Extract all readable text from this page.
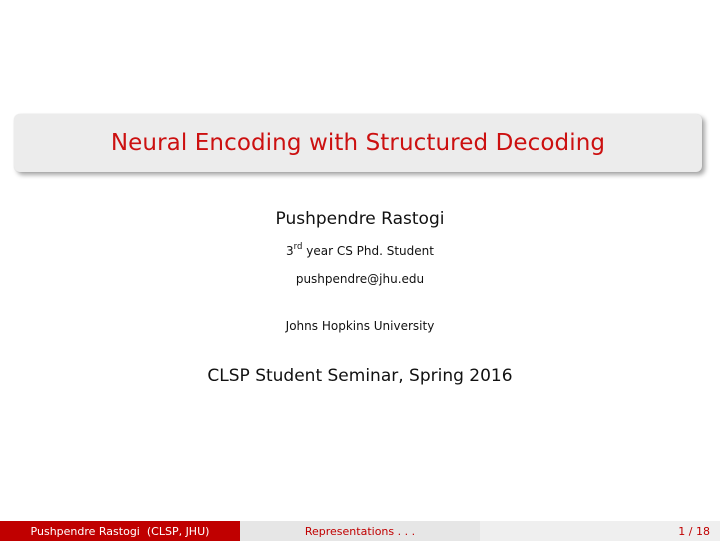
Neural Encoding with Structured Decoding
Pushpendre Rastogi
3rd year CS Phd. Student
pushpendre@jhu.edu
Johns Hopkins University
CLSP Student Seminar, Spring 2016
Pushpendre Rastogi  (CLSP, JHU)	Representations . . .	1 / 18
